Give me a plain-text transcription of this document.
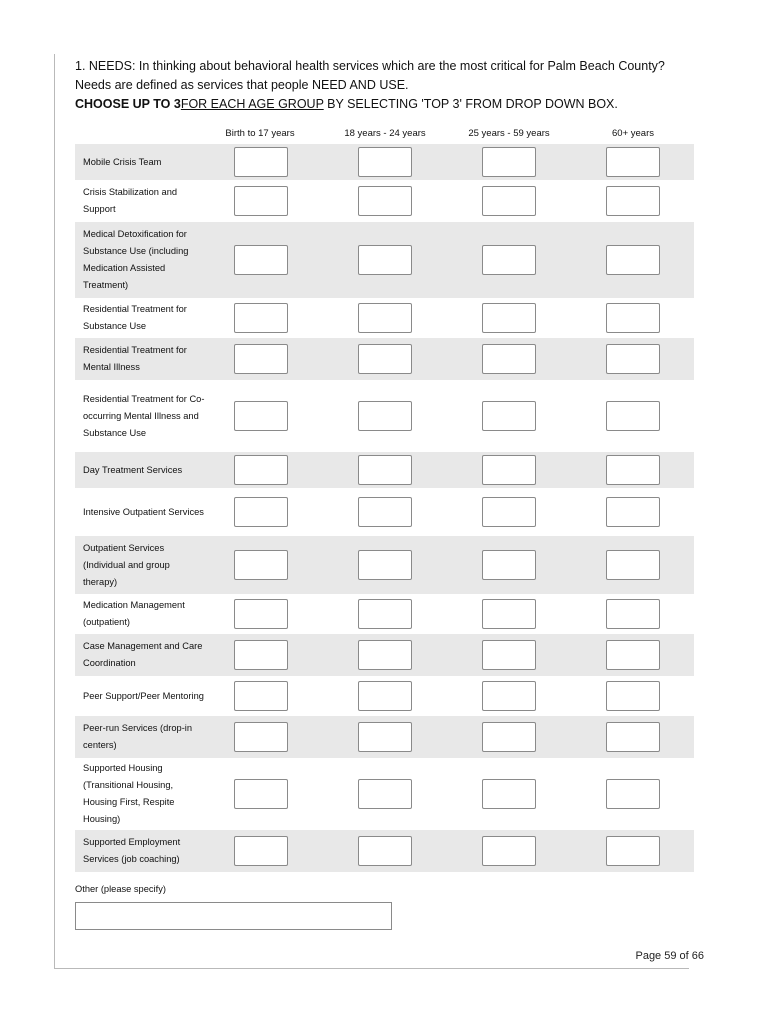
1. NEEDS: In thinking about behavioral health services which are the most critical for Palm Beach County?
Needs are defined as services that people NEED AND USE.
CHOOSE UP TO 3FOR EACH AGE GROUP BY SELECTING 'TOP 3' FROM DROP DOWN BOX.
Birth to 17 years	18 years - 24 years	25 years - 59 years	60+ years
Mobile Crisis Team
Crisis Stabilization and Support
Medical Detoxification for Substance Use (including Medication Assisted Treatment)
Residential Treatment for Substance Use
Residential Treatment for Mental Illness
Residential Treatment for Co-occurring Mental Illness and Substance Use
Day Treatment Services
Intensive Outpatient Services
Outpatient Services (Individual and group therapy)
Medication Management (outpatient)
Case Management and Care Coordination
Peer Support/Peer Mentoring
Peer-run Services (drop-in centers)
Supported Housing (Transitional Housing, Housing First, Respite Housing)
Supported Employment Services (job coaching)
Other (please specify)
Page 59 of 66
